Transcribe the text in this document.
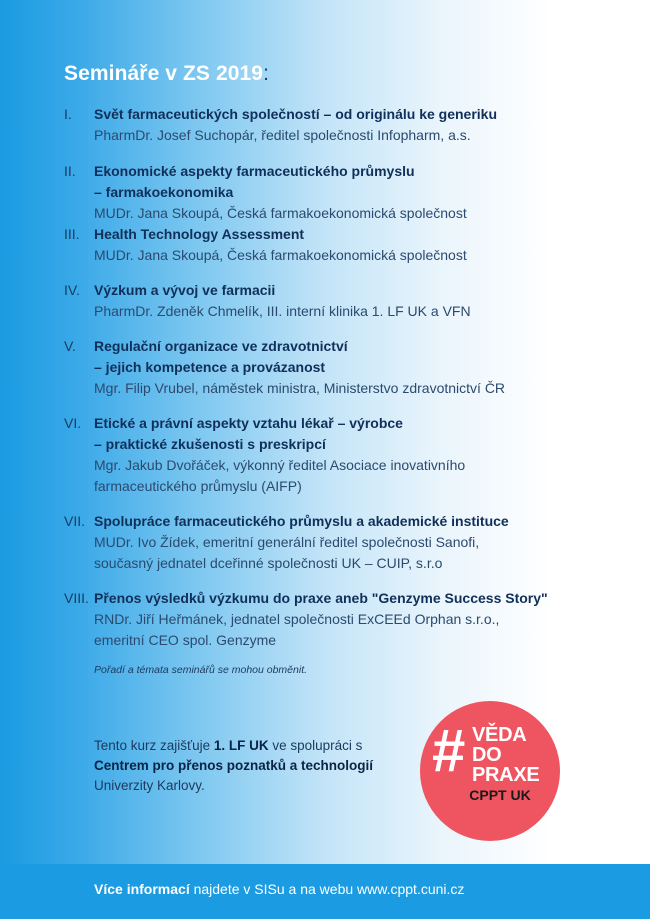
Semináře v ZS 2019:
I. Svět farmaceutických společností – od originálu ke generiku
PharmDr. Josef Suchopár, ředitel společnosti Infopharm, a.s.
II. Ekonomické aspekty farmaceutického průmyslu
– farmakoekonomika
MUDr. Jana Skoupá, Česká farmakoekonomická společnost
III. Health Technology Assessment
MUDr. Jana Skoupá, Česká farmakoekonomická společnost
IV. Výzkum a vývoj ve farmacii
PharmDr. Zdeněk Chmelík, III. interní klinika 1. LF UK a VFN
V. Regulační organizace ve zdravotnictví
– jejich kompetence a provázanost
Mgr. Filip Vrubel, náměstek ministra, Ministerstvo zdravotnictví ČR
VI. Etické a právní aspekty vztahu lékař – výrobce
– praktické zkušenosti s preskripcí
Mgr. Jakub Dvořáček, výkonný ředitel Asociace inovativního
farmaceutického průmyslu (AIFP)
VII. Spolupráce farmaceutického průmyslu a akademické instituce
MUDr. Ivo Žídek, emeritní generální ředitel společnosti Sanofi,
současný jednatel dceřinné společnosti UK – CUIP, s.r.o
VIII. Přenos výsledků výzkumu do praxe aneb "Genzyme Success Story"
RNDr. Jiří Heřmánek, jednatel společnosti ExCEEd Orphan s.r.o.,
emeritní CEO spol. Genzyme
Pořadí a témata seminářů se mohou obměnit.
Tento kurz zajišťuje 1. LF UK ve spolupráci s Centrem pro přenos poznatků a technologií Univerzity Karlovy.
# VĚDA
DO
PRAXE
CPPT UK
Více informací najdete v SISu a na webu www.cppt.cuni.cz
